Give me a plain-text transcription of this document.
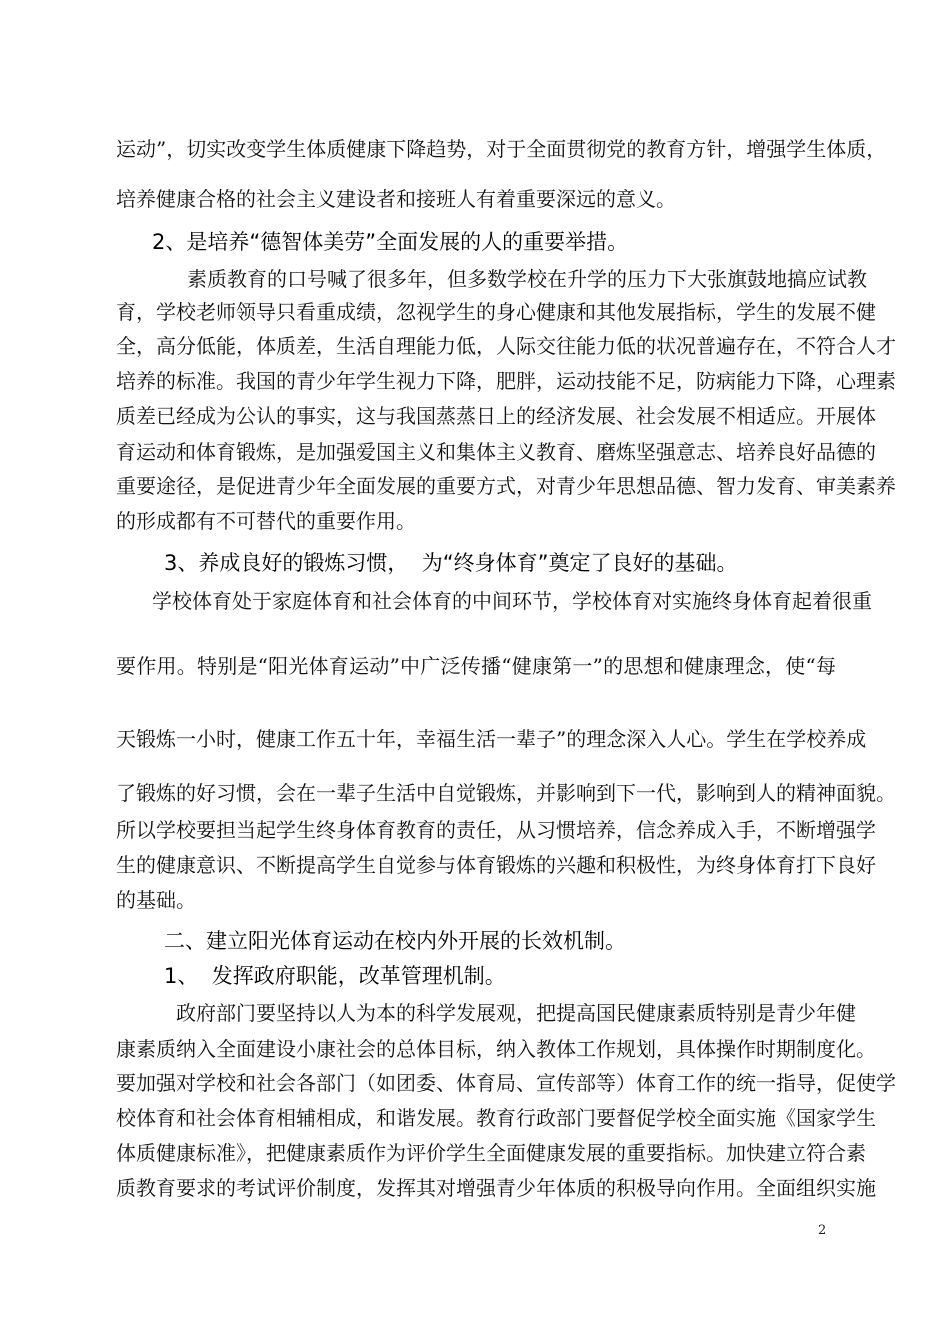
运动”，切实改变学生体质健康下降趋势，对于全面贯彻党的教育方针，增强学生体质，
培养健康合格的社会主义建设者和接班人有着重要深远的意义。
2、是培养“德智体美劳”全面发展的人的重要举措。
素质教育的口号喊了很多年，但多数学校在升学的压力下大张旗鼓地搞应试教
育，学校老师领导只看重成绩，忽视学生的身心健康和其他发展指标，学生的发展不健
全，高分低能，体质差，生活自理能力低，人际交往能力低的状况普遍存在，不符合人才
培养的标准。我国的青少年学生视力下降，肥胖，运动技能不足，防病能力下降，心理素
质差已经成为公认的事实，这与我国蒸蒸日上的经济发展、社会发展不相适应。开展体
育运动和体育锻炼，是加强爱国主义和集体主义教育、磨炼坚强意志、培养良好品德的
重要途径，是促进青少年全面发展的重要方式，对青少年思想品德、智力发育、审美素养
的形成都有不可替代的重要作用。
3、养成良好的锻炼习惯，  为“终身体育”奠定了良好的基础。
学校体育处于家庭体育和社会体育的中间环节，学校体育对实施终身体育起着很重
要作用。特别是“阳光体育运动”中广泛传播“健康第一”的思想和健康理念，使“每
天锻炼一小时，健康工作五十年，幸福生活一辈子”的理念深入人心。学生在学校养成
了锻炼的好习惯，会在一辈子生活中自觉锻炼，并影响到下一代，影响到人的精神面貌。
所以学校要担当起学生终身体育教育的责任，从习惯培养，信念养成入手，不断增强学
生的健康意识、不断提高学生自觉参与体育锻炼的兴趣和积极性，为终身体育打下良好
的基础。
二、建立阳光体育运动在校内外开展的长效机制。
1、  发挥政府职能，改革管理机制。
政府部门要坚持以人为本的科学发展观，把提高国民健康素质特别是青少年健
康素质纳入全面建设小康社会的总体目标，纳入教体工作规划，具体操作时期制度化。
要加强对学校和社会各部门（如团委、体育局、宣传部等）体育工作的统一指导，促使学
校体育和社会体育相辅相成，和谐发展。教育行政部门要督促学校全面实施《国家学生
体质健康标准》，把健康素质作为评价学生全面健康发展的重要指标。加快建立符合素
质教育要求的考试评价制度，发挥其对增强青少年体质的积极导向作用。全面组织实施
2
